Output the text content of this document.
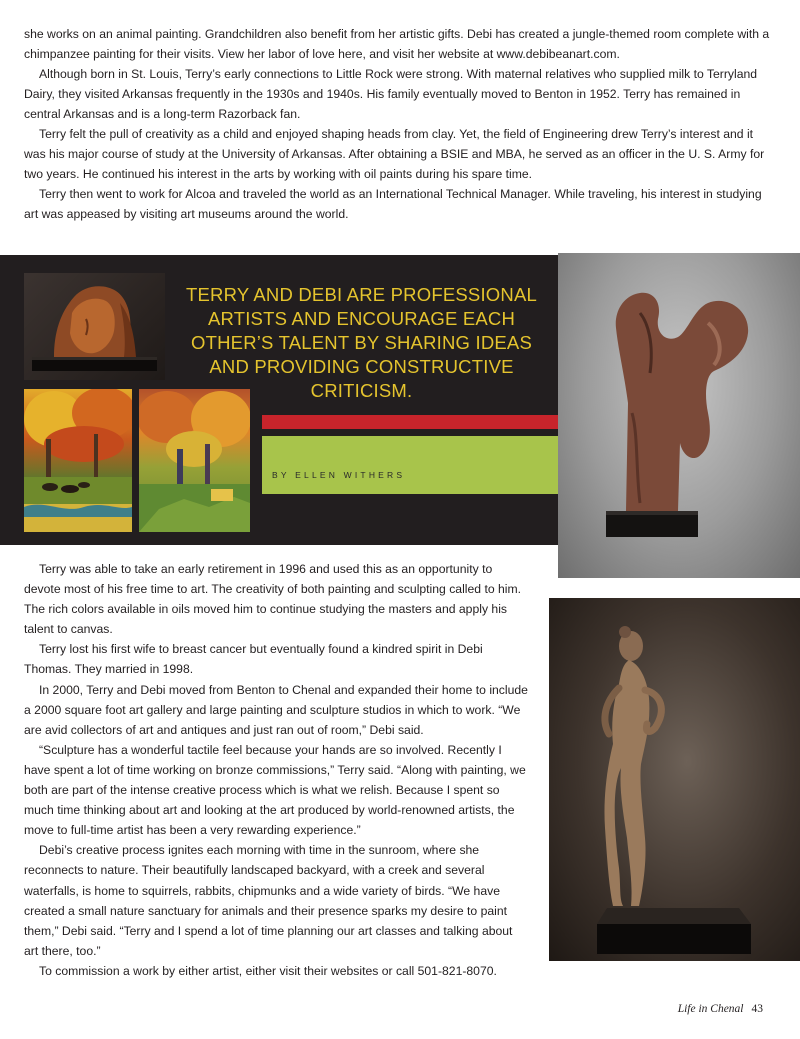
she works on an animal painting. Grandchildren also benefit from her artistic gifts. Debi has created a jungle-themed room complete with a chimpanzee painting for their visits. View her labor of love here, and visit her website at www.debibeanart.com.

Although born in St. Louis, Terry’s early connections to Little Rock were strong. With maternal relatives who supplied milk to Terryland Dairy, they visited Arkansas frequently in the 1930s and 1940s. His family eventually moved to Benton in 1952. Terry has remained in central Arkansas and is a long-term Razorback fan.

Terry felt the pull of creativity as a child and enjoyed shaping heads from clay. Yet, the field of Engineering drew Terry’s interest and it was his major course of study at the University of Arkansas. After obtaining a BSIE and MBA, he served as an officer in the U. S. Army for two years. He continued his interest in the arts by working with oil paints during his spare time.

Terry then went to work for Alcoa and traveled the world as an International Technical Manager. While traveling, his interest in studying art was appeased by visiting art museums around the world.

BY ELLEN WITHERS

TERRY AND DEBI ARE PROFESSIONAL ARTISTS AND ENCOURAGE EACH OTHER’S TALENT BY SHARING IDEAS AND PROVIDING CONSTRUCTIVE CRITICISM.

Terry was able to take an early retirement in 1996 and used this as an opportunity to devote most of his free time to art. The creativity of both painting and sculpting called to him. The rich colors available in oils moved him to continue studying the masters and apply his talent to canvas.

Terry lost his first wife to breast cancer but eventually found a kindred spirit in Debi Thomas. They married in 1998.

In 2000, Terry and Debi moved from Benton to Chenal and expanded their home to include a 2000 square foot art gallery and large painting and sculpture studios in which to work. “We are avid collectors of art and antiques and just ran out of room,” Debi said.

“Sculpture has a wonderful tactile feel because your hands are so involved. Recently I have spent a lot of time working on bronze commissions,” Terry said. “Along with painting, we both are part of the intense creative process which is what we relish. Because I spent so much time thinking about art and looking at the art produced by world-renowned artists, the move to full-time artist has been a very rewarding experience.”

Debi’s creative process ignites each morning with time in the sunroom, where she reconnects to nature. Their beautifully landscaped backyard, with a creek and several waterfalls, is home to squirrels, rabbits, chipmunks and a wide variety of birds. “We have created a small nature sanctuary for animals and their presence sparks my desire to paint them,” Debi said. “Terry and I spend a lot of time planning our art classes and talking about art there, too.”

To commission a work by either artist, either visit their websites or call 501-821-8070.

Life in Chenal 43
